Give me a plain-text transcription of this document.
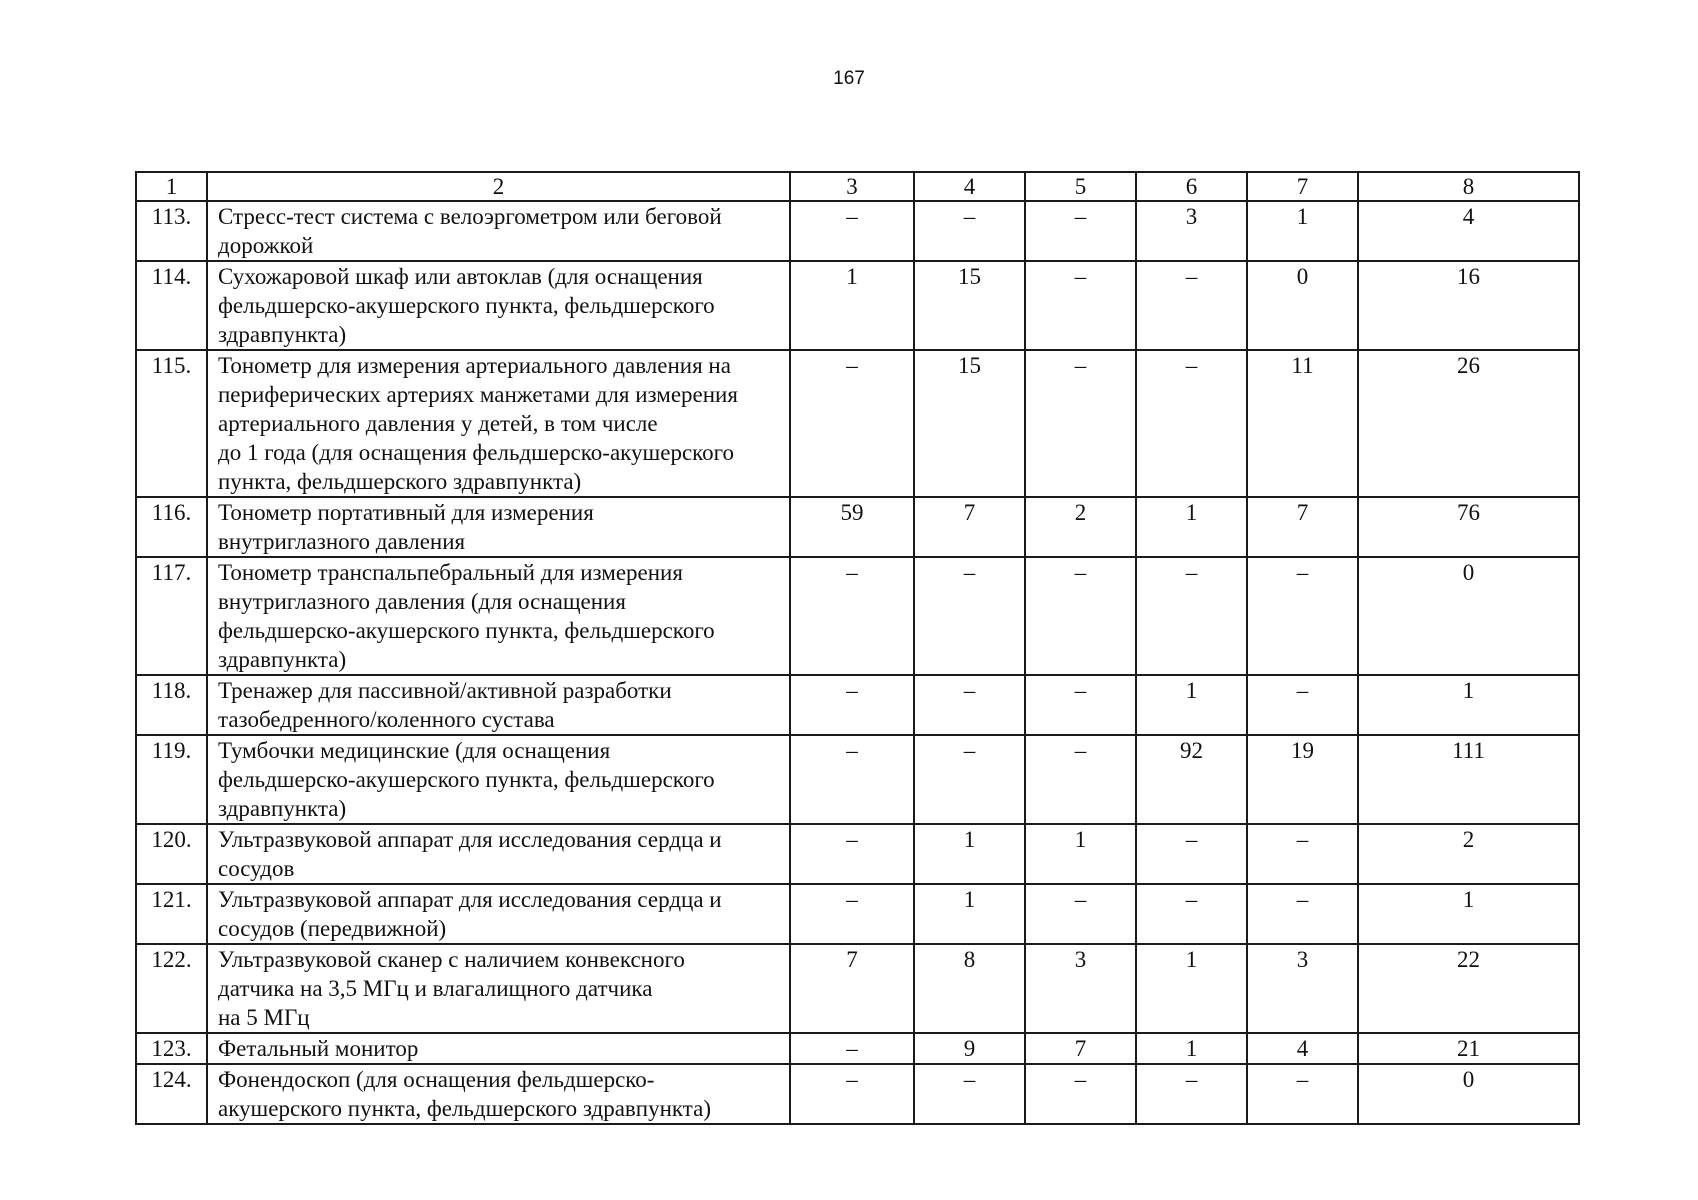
167
1	2	3	4	5	6	7	8
113.	Стресс-тест система с велоэргометром или беговой
дорожкой	–	–	–	3	1	4
114.	Сухожаровой шкаф или автоклав (для оснащения
фельдшерско-акушерского пункта, фельдшерского
здравпункта)	1	15	–	–	0	16
115.	Тонометр для измерения артериального давления на
периферических артериях манжетами для измерения
артериального давления у детей, в том числе
до 1 года (для оснащения фельдшерско-акушерского
пункта, фельдшерского здравпункта)	–	15	–	–	11	26
116.	Тонометр портативный для измерения
внутриглазного давления	59	7	2	1	7	76
117.	Тонометр транспальпебральный для измерения
внутриглазного давления (для оснащения
фельдшерско-акушерского пункта, фельдшерского
здравпункта)	–	–	–	–	–	0
118.	Тренажер для пассивной/активной разработки
тазобедренного/коленного сустава	–	–	–	1	–	1
119.	Тумбочки медицинские (для оснащения
фельдшерско-акушерского пункта, фельдшерского
здравпункта)	–	–	–	92	19	111
120.	Ультразвуковой аппарат для исследования сердца и
сосудов	–	1	1	–	–	2
121.	Ультразвуковой аппарат для исследования сердца и
сосудов (передвижной)	–	1	–	–	–	1
122.	Ультразвуковой сканер с наличием конвексного
датчика на 3,5 МГц и влагалищного датчика
на 5 МГц	7	8	3	1	3	22
123.	Фетальный монитор	–	9	7	1	4	21
124.	Фонендоскоп (для оснащения фельдшерско-
акушерского пункта, фельдшерского здравпункта)	–	–	–	–	–	0
